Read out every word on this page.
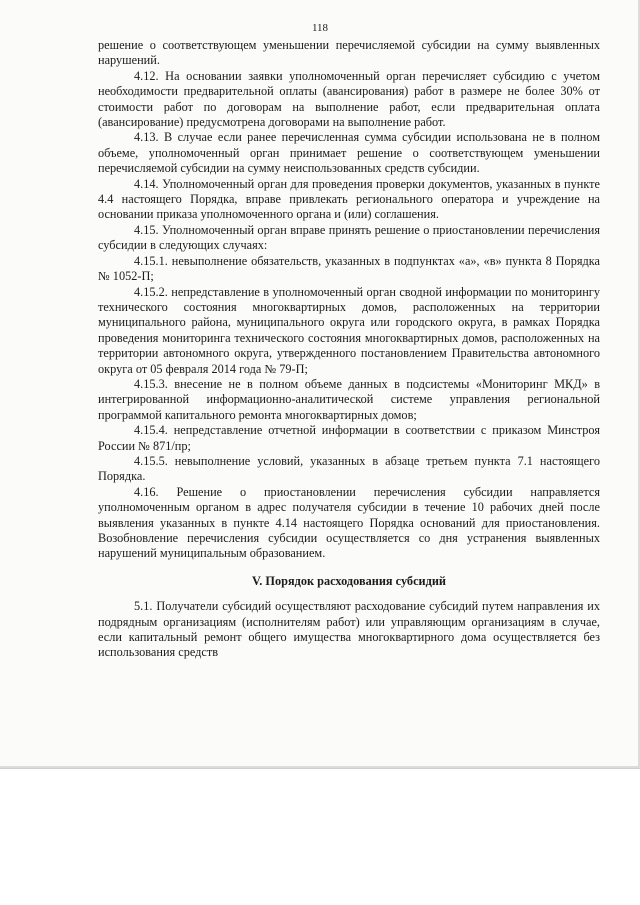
118

решение о соответствующем уменьшении перечисляемой субсидии на сумму выявленных нарушений.

4.12. На основании заявки уполномоченный орган перечисляет субсидию с учетом необходимости предварительной оплаты (авансирования) работ в размере не более 30% от стоимости работ по договорам на выполнение работ, если предварительная оплата (авансирование) предусмотрена договорами на выполнение работ.

4.13. В случае если ранее перечисленная сумма субсидии использована не в полном объеме, уполномоченный орган принимает решение о соответствующем уменьшении перечисляемой субсидии на сумму неиспользованных средств субсидии.

4.14. Уполномоченный орган для проведения проверки документов, указанных в пункте 4.4 настоящего Порядка, вправе привлекать регионального оператора и учреждение на основании приказа уполномоченного органа и (или) соглашения.

4.15. Уполномоченный орган вправе принять решение о приостановлении перечисления субсидии в следующих случаях:

4.15.1. невыполнение обязательств, указанных в подпунктах «а», «в» пункта 8 Порядка № 1052-П;

4.15.2. непредставление в уполномоченный орган сводной информации по мониторингу технического состояния многоквартирных домов, расположенных на территории муниципального района, муниципального округа или городского округа, в рамках Порядка проведения мониторинга технического состояния многоквартирных домов, расположенных на территории автономного округа, утвержденного постановлением Правительства автономного округа от 05 февраля 2014 года № 79-П;

4.15.3. внесение не в полном объеме данных в подсистемы «Мониторинг МКД» в интегрированной информационно-аналитической системе управления региональной программой капитального ремонта многоквартирных домов;

4.15.4. непредставление отчетной информации в соответствии с приказом Минстроя России № 871/пр;

4.15.5. невыполнение условий, указанных в абзаце третьем пункта 7.1 настоящего Порядка.

4.16. Решение о приостановлении перечисления субсидии направляется уполномоченным органом в адрес получателя субсидии в течение 10 рабочих дней после выявления указанных в пункте 4.14 настоящего Порядка оснований для приостановления. Возобновление перечисления субсидии осуществляется со дня устранения выявленных нарушений муниципальным образованием.

V. Порядок расходования субсидий

5.1. Получатели субсидий осуществляют расходование субсидий путем направления их подрядным организациям (исполнителям работ) или управляющим организациям в случае, если капитальный ремонт общего имущества многоквартирного дома осуществляется без использования средств
